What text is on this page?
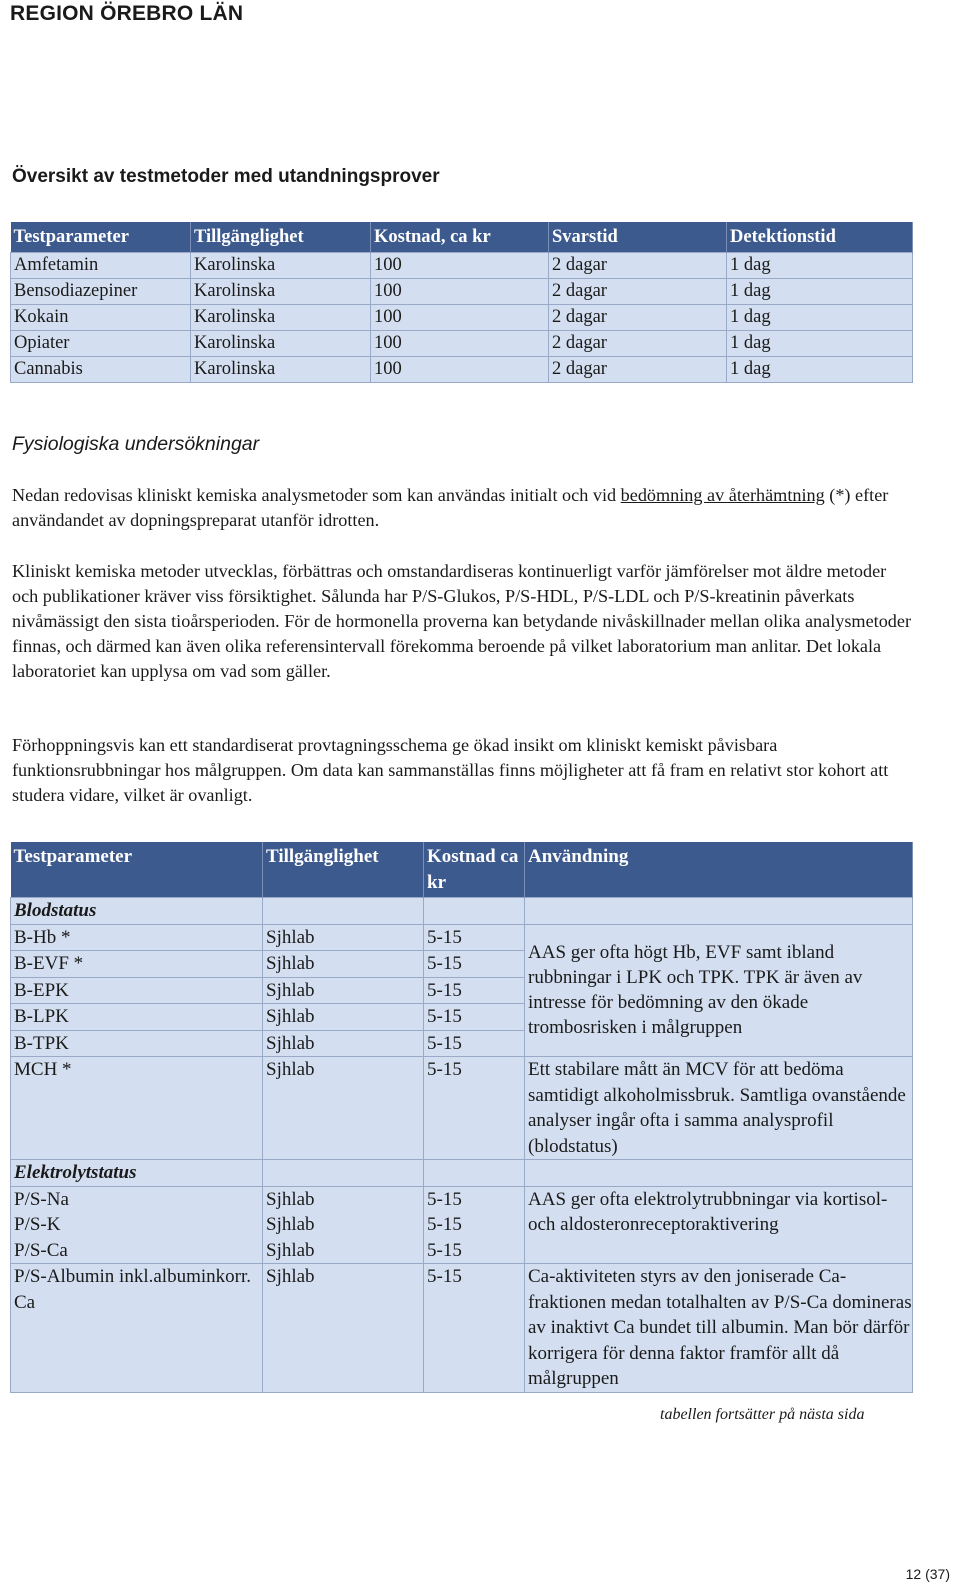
REGION ÖREBRO LÄN
Översikt av testmetoder med utandningsprover
Testparameter	Tillgänglighet	Kostnad, ca kr	Svarstid	Detektionstid
Amfetamin	Karolinska	100	2 dagar	1 dag
Bensodiazepiner	Karolinska	100	2 dagar	1 dag
Kokain	Karolinska	100	2 dagar	1 dag
Opiater	Karolinska	100	2 dagar	1 dag
Cannabis	Karolinska	100	2 dagar	1 dag
Fysiologiska undersökningar

Nedan redovisas kliniskt kemiska analysmetoder som kan användas initialt och vid bedömning av återhämtning (*) efter användandet av dopningspreparat utanför idrotten.

Kliniskt kemiska metoder utvecklas, förbättras och omstandardiseras kontinuerligt varför jämförelser mot äldre metoder och publikationer kräver viss försiktighet. Sålunda har P/S-Glukos, P/S-HDL, P/S-LDL och P/S-kreatinin påverkats nivåmässigt den sista tioårsperioden. För de hormonella proverna kan betydande nivåskillnader mellan olika analysmetoder finnas, och därmed kan även olika referensintervall förekomma beroende på vilket laboratorium man anlitar. Det lokala laboratoriet kan upplysa om vad som gäller.

Förhoppningsvis kan ett standardiserat provtagningsschema ge ökad insikt om kliniskt kemiskt påvisbara funktionsrubbningar hos målgruppen. Om data kan sammanställas finns möjligheter att få fram en relativt stor kohort att studera vidare, vilket är ovanligt.

Testparameter	Tillgänglighet	Kostnad ca kr	Användning
Blodstatus			
B-Hb *	Sjhlab	5-15	AAS ger ofta högt Hb, EVF samt ibland rubbningar i LPK och TPK. TPK är även av intresse för bedömning av den ökade trombosrisken i målgruppen
B-EVF *	Sjhlab	5-15	
B-EPK	Sjhlab	5-15	
B-LPK	Sjhlab	5-15	
B-TPK	Sjhlab	5-15	
MCH *	Sjhlab	5-15	Ett stabilare mått än MCV för att bedöma samtidigt alkoholmissbruk. Samtliga ovanstående analyser ingår ofta i samma analysprofil (blodstatus)
Elektrolytstatus			
P/S-Na	Sjhlab	5-15	AAS ger ofta elektrolytrubbningar via kortisol- och aldosteronreceptoraktivering
P/S-K	Sjhlab	5-15	
P/S-Ca	Sjhlab	5-15	
P/S-Albumin inkl.albuminkorr. Ca	Sjhlab	5-15	Ca-aktiviteten styrs av den joniserade Ca-fraktionen medan totalhalten av P/S-Ca domineras av inaktivt Ca bundet till albumin. Man bör därför korrigera för denna faktor framför allt då målgruppen
tabellen fortsätter på nästa sida
12 (37)
